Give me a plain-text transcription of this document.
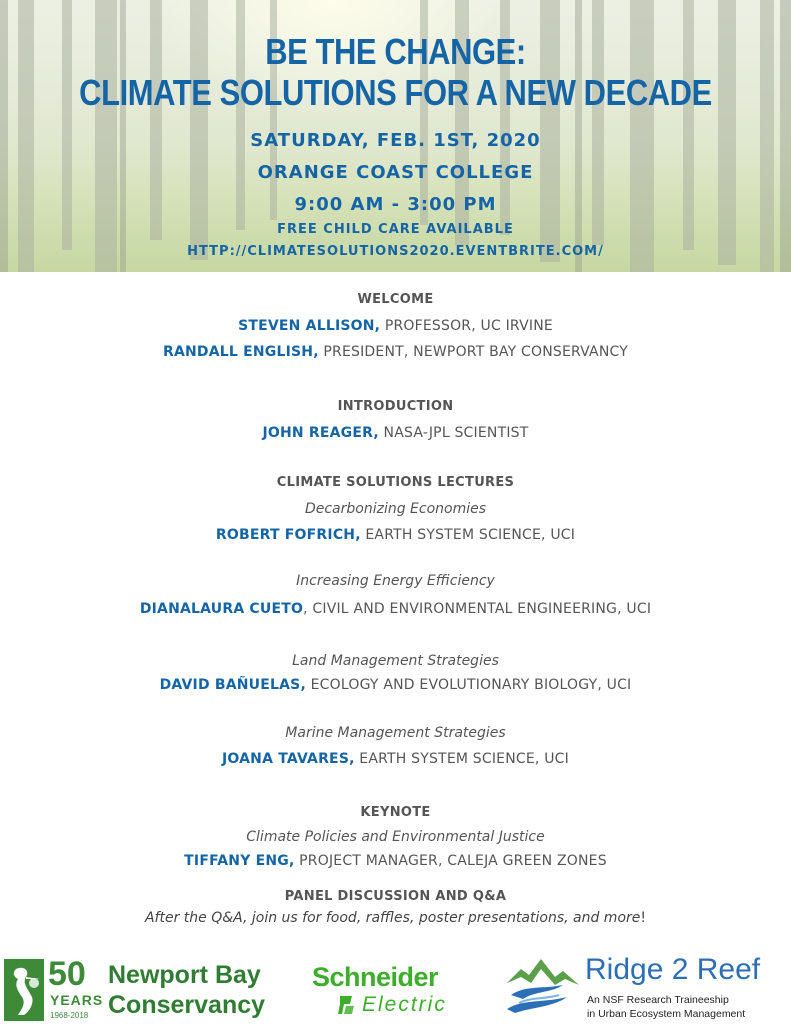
BE THE CHANGE:
CLIMATE SOLUTIONS FOR A NEW DECADE
SATURDAY, FEB. 1ST, 2020
ORANGE COAST COLLEGE
9:00 AM - 3:00 PM
FREE CHILD CARE AVAILABLE
HTTP://CLIMATESOLUTIONS2020.EVENTBRITE.COM/
WELCOME
STEVEN ALLISON, PROFESSOR, UC IRVINE
RANDALL ENGLISH, PRESIDENT, NEWPORT BAY CONSERVANCY
INTRODUCTION
JOHN REAGER, NASA-JPL SCIENTIST
CLIMATE SOLUTIONS LECTURES
Decarbonizing Economies
ROBERT FOFRICH, EARTH SYSTEM SCIENCE, UCI
Increasing Energy Efficiency
DIANALAURA CUETO, CIVIL AND ENVIRONMENTAL ENGINEERING, UCI
Land Management Strategies
DAVID BAÑUELAS, ECOLOGY AND EVOLUTIONARY BIOLOGY, UCI
Marine Management Strategies
JOANA TAVARES, EARTH SYSTEM SCIENCE, UCI
KEYNOTE
Climate Policies and Environmental Justice
TIFFANY ENG, PROJECT MANAGER, CALEJA GREEN ZONES
PANEL DISCUSSION AND Q&A
After the Q&A, join us for food, raffles, poster presentations, and more!
50
YEARS
1968-2018
Newport Bay
Conservancy
Schneider
Electric
Ridge 2 Reef
An NSF Research Traineeship
in Urban Ecosystem Management
